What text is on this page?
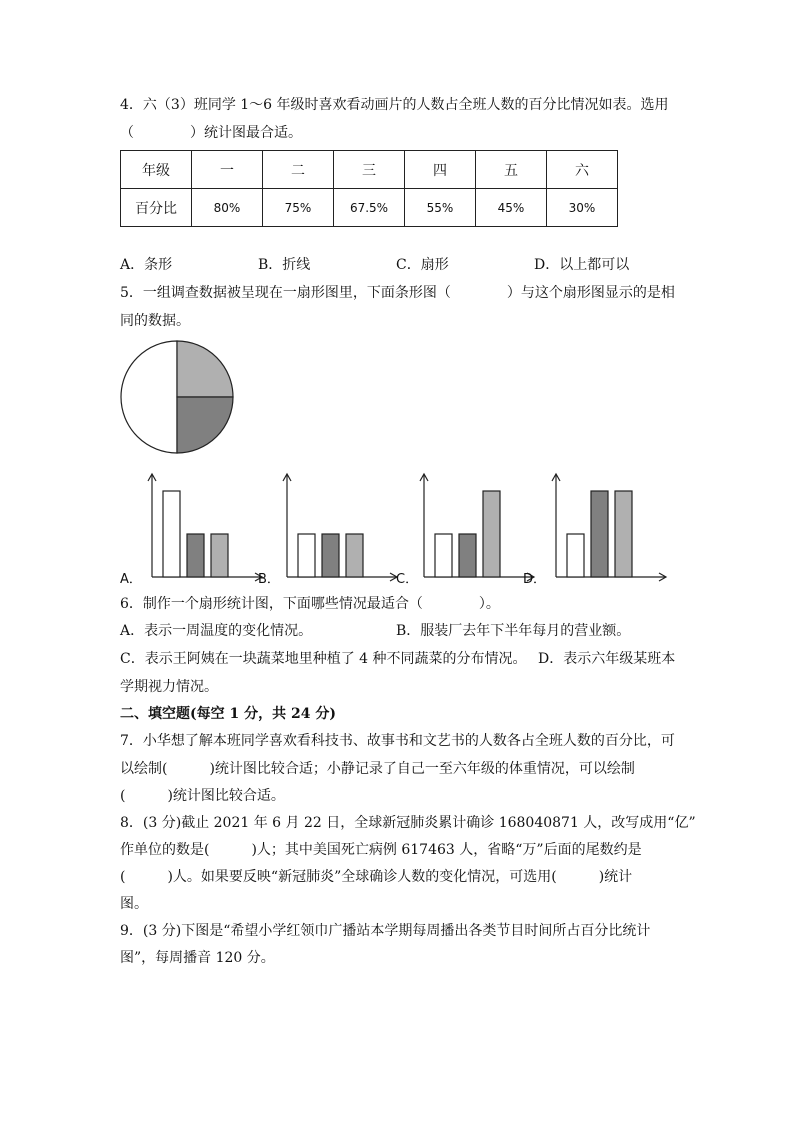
4．六（3）班同学 1～6 年级时喜欢看动画片的人数占全班人数的百分比情况如表。选用
（　　　　）统计图最合适。
年级	一	二	三	四	五	六
百分比	80%	75%	67.5%	55%	45%	30%
A．条形	B．折线	C．扇形	D．以上都可以
5．一组调查数据被呈现在一扇形图里，下面条形图（　　　　）与这个扇形图显示的是相
同的数据。
A．	B．	C．	D．
6．制作一个扇形统计图，下面哪些情况最适合（　　　　）。
A．表示一周温度的变化情况。	B．服装厂去年下半年每月的营业额。
C．表示王阿姨在一块蔬菜地里种植了 4 种不同蔬菜的分布情况。 D．表示六年级某班本
学期视力情况。
二、填空题(每空 1 分，共 24 分)
7．小华想了解本班同学喜欢看科技书、故事书和文艺书的人数各占全班人数的百分比，可
以绘制(　　　)统计图比较合适；小静记录了自己一至六年级的体重情况，可以绘制
(　　　)统计图比较合适。
8．(3 分)截止 2021 年 6 月 22 日，全球新冠肺炎累计确诊 168040871 人，改写成用“亿”
作单位的数是(　　　)人；其中美国死亡病例 617463 人，省略“万”后面的尾数约是
(　　　)人。如果要反映“新冠肺炎”全球确诊人数的变化情况，可选用(　　　)统计
图。
9．(3 分)下图是“希望小学红领巾广播站本学期每周播出各类节目时间所占百分比统计
图”，每周播音 120 分。
